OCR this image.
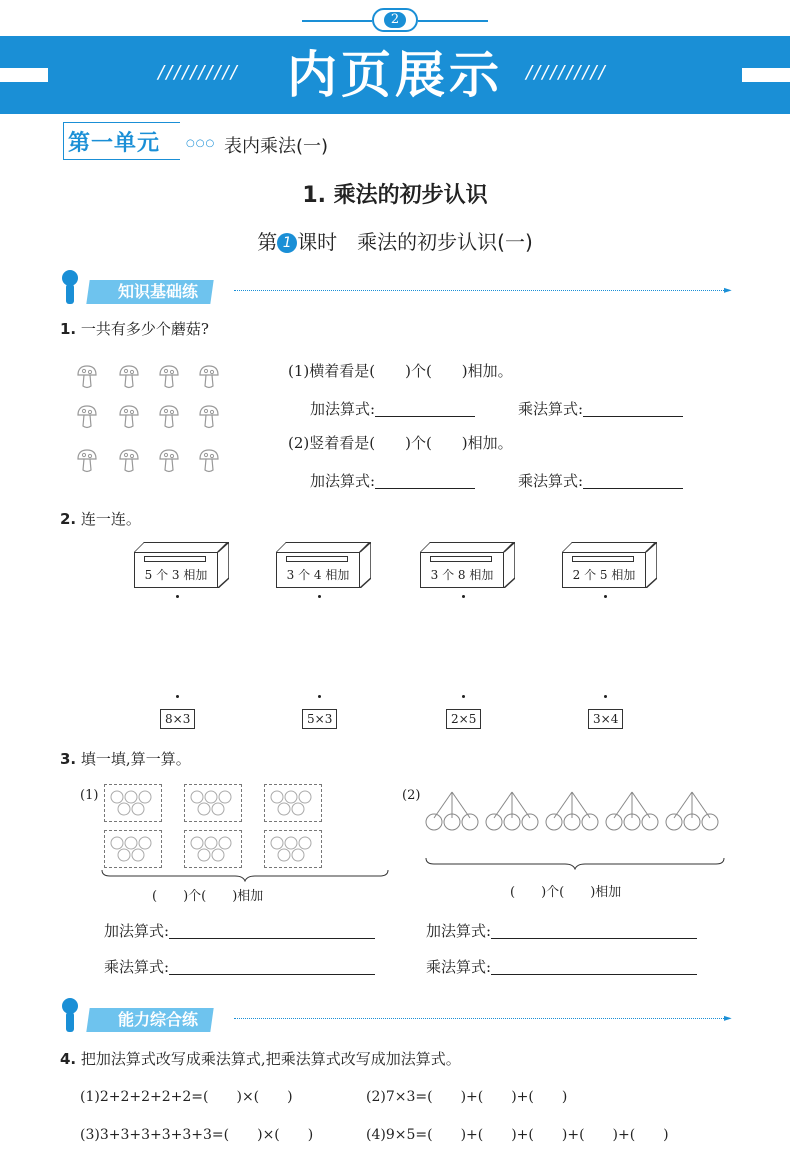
2
//////////	//////////
内页展示
第一单元	○○○ 表内乘法(一)
1. 乘法的初步认识
第 1 课时　乘法的初步认识(一)
知识基础练	►
1. 一共有多少个蘑菇?
(1)横着看是(　　)个(　　)相加。
加法算式:	乘法算式:
(2)竖着看是(　　)个(　　)相加。
加法算式:	乘法算式:
2. 连一连。
5 个 3 相加	3 个 4 相加	3 个 8 相加	2 个 5 相加
8×3	5×3	2×5	3×4
3. 填一填,算一算。
(1)	(2)
(　　)个(　　)相加	(　　)个(　　)相加
加法算式:
乘法算式:
加法算式:
乘法算式:
能力综合练	►
4. 把加法算式改写成乘法算式,把乘法算式改写成加法算式。
(1)2+2+2+2+2=(　　)×(　　)	(2)7×3=(　　)+(　　)+(　　)
(3)3+3+3+3+3+3=(　　)×(　　)	(4)9×5=(　　)+(　　)+(　　)+(　　)+(　　)
